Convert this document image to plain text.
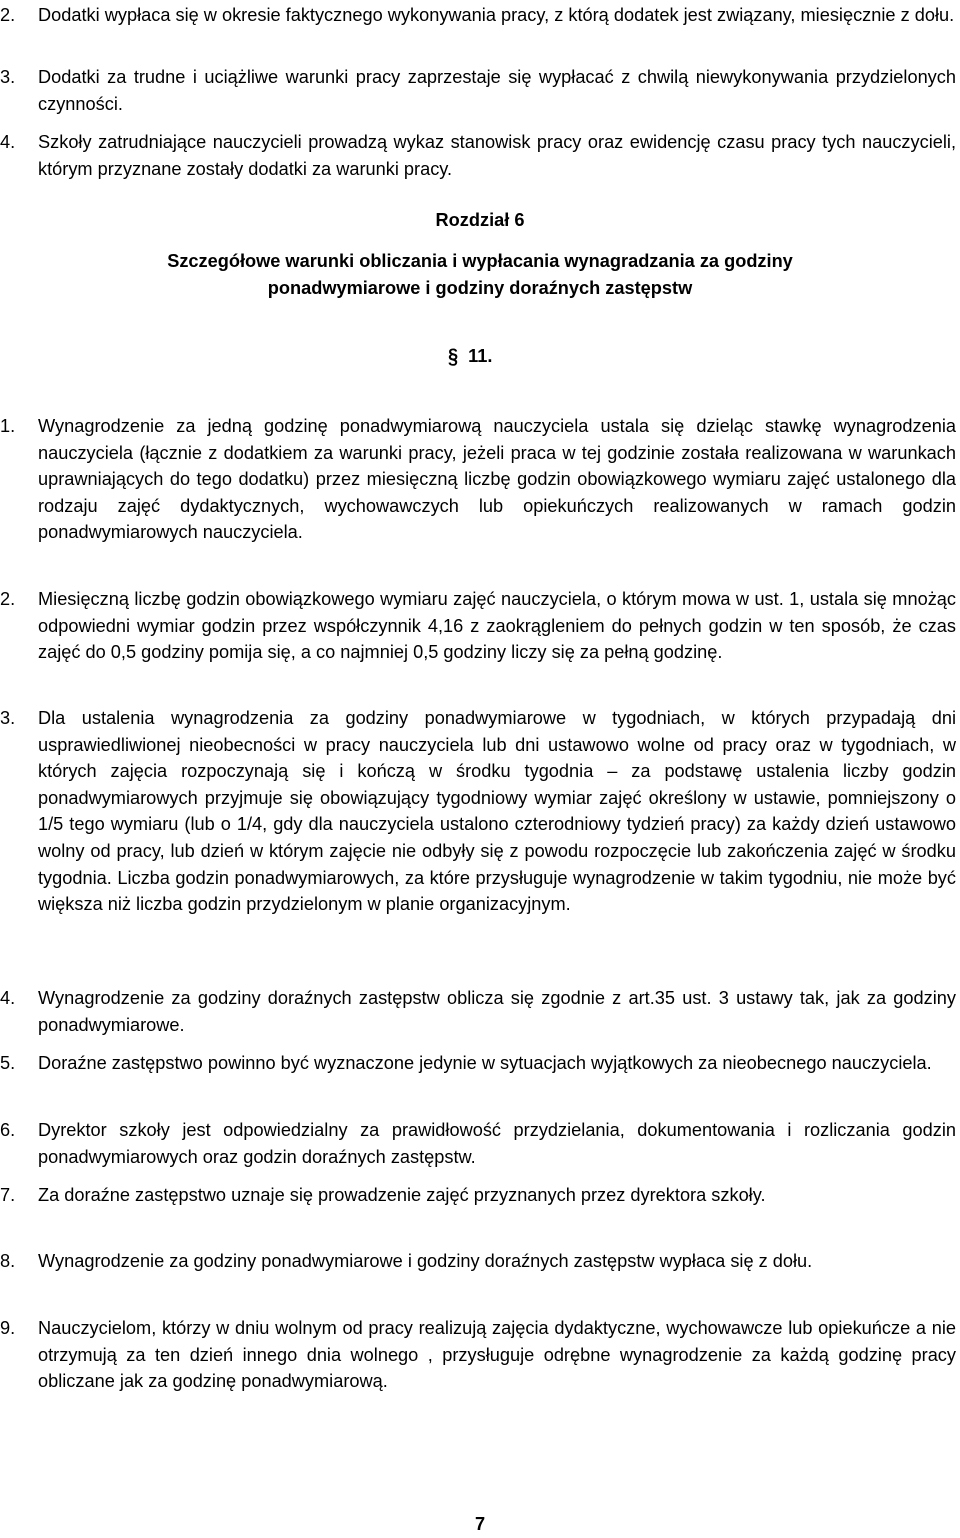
2.	Dodatki wypłaca się w okresie faktycznego wykonywania pracy, z którą dodatek jest związany, miesięcznie z dołu.
3.	Dodatki za trudne i uciążliwe warunki pracy zaprzestaje się wypłacać z chwilą niewykonywania przydzielonych czynności.
4.	Szkoły zatrudniające nauczycieli prowadzą wykaz stanowisk pracy oraz ewidencję czasu pracy tych nauczycieli, którym przyznane zostały dodatki za warunki pracy.
Rozdział 6
Szczegółowe warunki obliczania i wypłacania wynagradzania za godziny
ponadwymiarowe i godziny doraźnych zastępstw
§ 11.
1.	Wynagrodzenie za jedną godzinę ponadwymiarową nauczyciela ustala się dzieląc stawkę wynagrodzenia nauczyciela (łącznie z dodatkiem za warunki pracy, jeżeli praca w tej godzinie została realizowana w warunkach uprawniających do tego dodatku) przez miesięczną liczbę godzin obowiązkowego wymiaru zajęć ustalonego dla rodzaju zajęć dydaktycznych, wychowawczych lub opiekuńczych realizowanych w ramach godzin ponadwymiarowych nauczyciela.
2.	Miesięczną liczbę godzin obowiązkowego wymiaru zajęć nauczyciela, o którym mowa w ust. 1, ustala się mnożąc odpowiedni wymiar godzin przez współczynnik 4,16 z zaokrągleniem do pełnych godzin w ten sposób, że czas zajęć do 0,5 godziny pomija się, a co najmniej 0,5 godziny liczy się za pełną godzinę.
3.	Dla ustalenia wynagrodzenia za godziny ponadwymiarowe w tygodniach, w których przypadają dni usprawiedliwionej nieobecności w pracy nauczyciela lub dni ustawowo wolne od pracy oraz w tygodniach, w których zajęcia rozpoczynają się i kończą w środku tygodnia – za podstawę ustalenia liczby godzin ponadwymiarowych przyjmuje się obowiązujący tygodniowy wymiar zajęć określony w ustawie, pomniejszony o 1/5 tego wymiaru (lub o 1/4, gdy dla nauczyciela ustalono czterodniowy tydzień pracy) za każdy dzień ustawowo wolny od pracy, lub dzień w którym zajęcie nie odbyły się z powodu rozpoczęcie lub zakończenia zajęć w środku tygodnia. Liczba godzin ponadwymiarowych, za które przysługuje wynagrodzenie w takim tygodniu, nie może być większa niż liczba godzin przydzielonym w planie organizacyjnym.
4.	Wynagrodzenie za godziny doraźnych zastępstw oblicza się zgodnie z art.35 ust. 3 ustawy tak, jak za godziny ponadwymiarowe.
5.	Doraźne zastępstwo powinno być wyznaczone jedynie w sytuacjach wyjątkowych za nieobecnego nauczyciela.
6.	Dyrektor szkoły jest odpowiedzialny za prawidłowość przydzielania, dokumentowania i rozliczania godzin ponadwymiarowych oraz godzin doraźnych zastępstw.
7.	Za doraźne zastępstwo uznaje się prowadzenie zajęć przyznanych przez dyrektora szkoły.
8.	Wynagrodzenie za godziny ponadwymiarowe i godziny doraźnych zastępstw wypłaca się z dołu.
9.	Nauczycielom, którzy w dniu wolnym od pracy realizują zajęcia dydaktyczne, wychowawcze lub opiekuńcze a nie otrzymują za ten dzień innego dnia wolnego , przysługuje odrębne wynagrodzenie za każdą godzinę pracy obliczane jak za godzinę ponadwymiarową.
7
